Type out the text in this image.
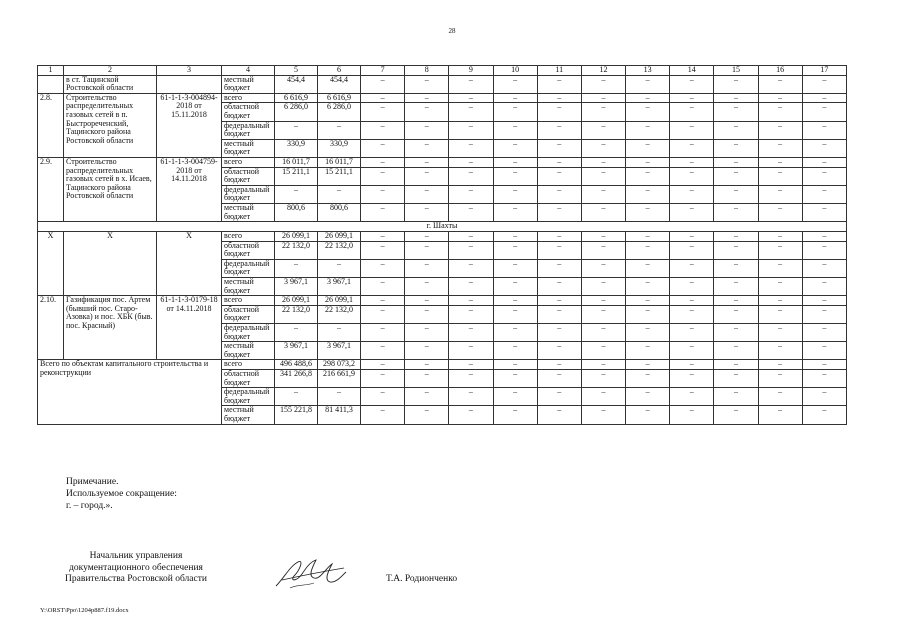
28
1	2	3	4	5	6	7	8	9	10	11	12	13	14	15	16	17
	в ст. Тацинской Ростовской области		местный бюджет	454,4	454,4	–	–	–	–	–	–	–	–	–	–	–
2.8.	Строительство распределительных газовых сетей в п. Быстрореченский, Тацинского района Ростовской области	61-1-1-3-004894-2018 от 15.11.2018	всего	6 616,9	6 616,9	–	–	–	–	–	–	–	–	–	–	–
			областной бюджет	6 286,0	6 286,0	–	–	–	–	–	–	–	–	–	–	–
			федеральный бюджет	–	–	–	–	–	–	–	–	–	–	–	–	–
			местный бюджет	330,9	330,9	–	–	–	–	–	–	–	–	–	–	–
2.9.	Строительство распределительных газовых сетей в х. Исаев, Тацинского района Ростовской области	61-1-1-3-004759-2018 от 14.11.2018	всего	16 011,7	16 011,7	–	–	–	–	–	–	–	–	–	–	–
			областной бюджет	15 211,1	15 211,1	–	–	–	–	–	–	–	–	–	–	–
			федеральный бюджет	–	–	–	–	–	–	–	–	–	–	–	–	–
			местный бюджет	800,6	800,6	–	–	–	–	–	–	–	–	–	–	–
г. Шахты																
Х	Х	Х	всего	26 099,1	26 099,1	–	–	–	–	–	–	–	–	–	–	–
			областной бюджет	22 132,0	22 132,0	–	–	–	–	–	–	–	–	–	–	–
			федеральный бюджет	–	–	–	–	–	–	–	–	–	–	–	–	–
			местный бюджет	3 967,1	3 967,1	–	–	–	–	–	–	–	–	–	–	–
2.10.	Газификация пос. Артем (бывший пос. Старо-Азовка) и пос. ХБК (быв. пос. Красный)	61-1-1-3-0179-18 от 14.11.2018	всего	26 099,1	26 099,1	–	–	–	–	–	–	–	–	–	–	–
			областной бюджет	22 132,0	22 132,0	–	–	–	–	–	–	–	–	–	–	–
			федеральный бюджет	–	–	–	–	–	–	–	–	–	–	–	–	–
			местный бюджет	3 967,1	3 967,1	–	–	–	–	–	–	–	–	–	–	–
Всего по объектам капитального строительства и реконструкции			всего	496 488,6	298 073,2	–	–	–	–	–	–	–	–	–	–	–
			областной бюджет	341 266,8	216 661,9	–	–	–	–	–	–	–	–	–	–	–
			федеральный бюджет	–	–	–	–	–	–	–	–	–	–	–	–	–
			местный бюджет	155 221,8	81 411,3	–	–	–	–	–	–	–	–	–	–	–
Примечание.
Используемое сокращение:
г. – город.».
Начальник управления
документационного обеспечения
Правительства Ростовской области	Т.А. Родионченко
Y:\ORST\Ppo\1204p887.f19.docx
